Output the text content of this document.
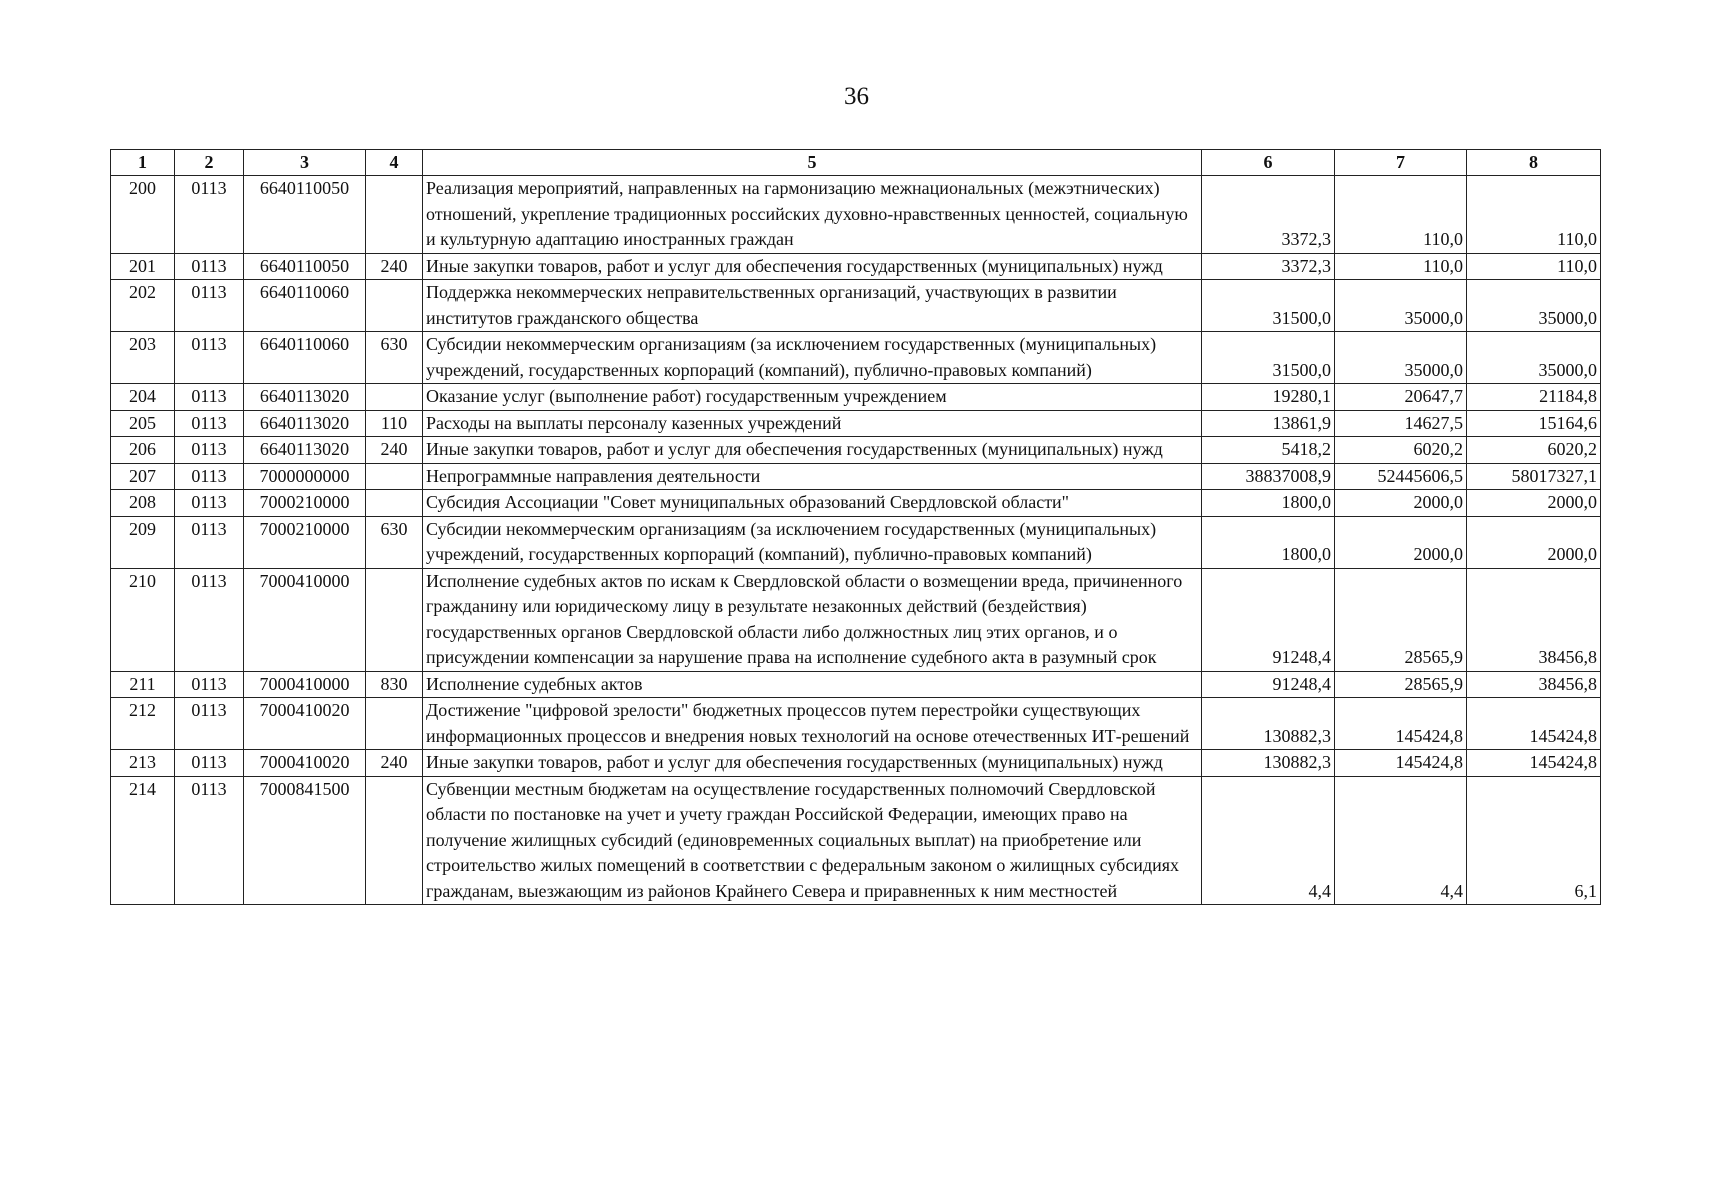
36
1	2	3	4	5	6	7	8
200	0113	6640110050		Реализация мероприятий, направленных на гармонизацию межнациональных (межэтнических) отношений, укрепление традиционных российских духовно-нравственных ценностей, социальную и культурную адаптацию иностранных граждан	3372,3	110,0	110,0
201	0113	6640110050	240	Иные закупки товаров, работ и услуг для обеспечения государственных (муниципальных) нужд	3372,3	110,0	110,0
202	0113	6640110060		Поддержка некоммерческих неправительственных организаций, участвующих в развитии институтов гражданского общества	31500,0	35000,0	35000,0
203	0113	6640110060	630	Субсидии некоммерческим организациям (за исключением государственных (муниципальных) учреждений, государственных корпораций (компаний), публично-правовых компаний)	31500,0	35000,0	35000,0
204	0113	6640113020		Оказание услуг (выполнение работ) государственным учреждением	19280,1	20647,7	21184,8
205	0113	6640113020	110	Расходы на выплаты персоналу казенных учреждений	13861,9	14627,5	15164,6
206	0113	6640113020	240	Иные закупки товаров, работ и услуг для обеспечения государственных (муниципальных) нужд	5418,2	6020,2	6020,2
207	0113	7000000000		Непрограммные направления деятельности	38837008,9	52445606,5	58017327,1
208	0113	7000210000		Субсидия Ассоциации "Совет муниципальных образований Свердловской области"	1800,0	2000,0	2000,0
209	0113	7000210000	630	Субсидии некоммерческим организациям (за исключением государственных (муниципальных) учреждений, государственных корпораций (компаний), публично-правовых компаний)	1800,0	2000,0	2000,0
210	0113	7000410000		Исполнение судебных актов по искам к Свердловской области о возмещении вреда, причиненного гражданину или юридическому лицу в результате незаконных действий (бездействия) государственных органов Свердловской области либо должностных лиц этих органов, и о присуждении компенсации за нарушение права на исполнение судебного акта в разумный срок	91248,4	28565,9	38456,8
211	0113	7000410000	830	Исполнение судебных актов	91248,4	28565,9	38456,8
212	0113	7000410020		Достижение "цифровой зрелости" бюджетных процессов путем перестройки существующих информационных процессов и внедрения новых технологий на основе отечественных ИТ-решений	130882,3	145424,8	145424,8
213	0113	7000410020	240	Иные закупки товаров, работ и услуг для обеспечения государственных (муниципальных) нужд	130882,3	145424,8	145424,8
214	0113	7000841500		Субвенции местным бюджетам на осуществление государственных полномочий Свердловской области по постановке на учет и учету граждан Российской Федерации, имеющих право на получение жилищных субсидий (единовременных социальных выплат) на приобретение или строительство жилых помещений в соответствии с федеральным законом о жилищных субсидиях гражданам, выезжающим из районов Крайнего Севера и приравненных к ним местностей	4,4	4,4	6,1
